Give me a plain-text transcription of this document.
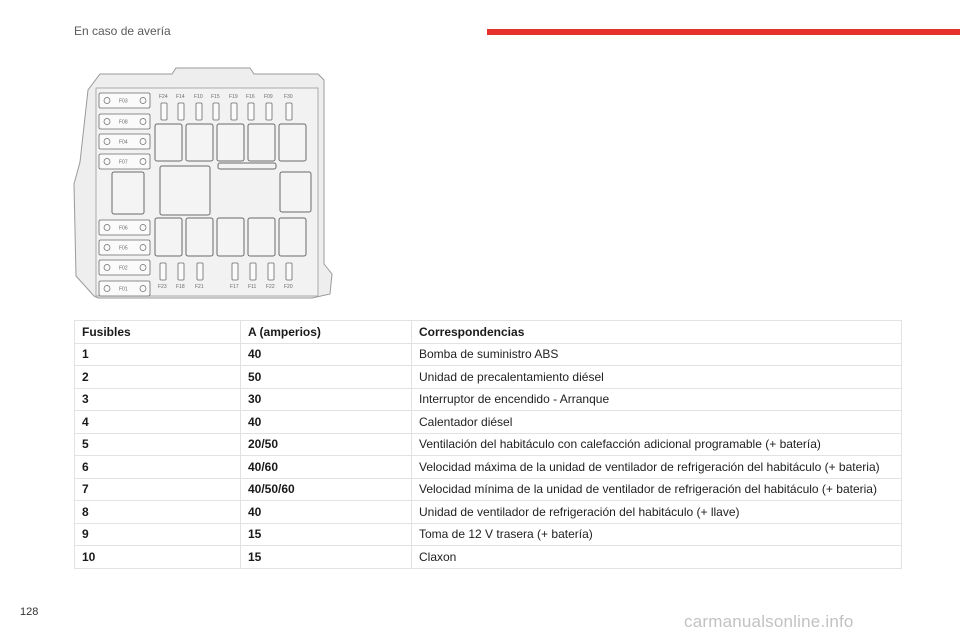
En caso de avería
F03
F08
F04
F07
F06
F05
F02
F01
F24 F14 F10 F15 F19 F16 F09 F30
F23 F18 F21	F17 F11 F22 F20
Fusibles	A (amperios)	Correspondencias
1	40	Bomba de suministro ABS
2	50	Unidad de precalentamiento diésel
3	30	Interruptor de encendido - Arranque
4	40	Calentador diésel
5	20/50	Ventilación del habitáculo con calefacción adicional programable (+ batería)
6	40/60	Velocidad máxima de la unidad de ventilador de refrigeración del habitáculo (+ bateria)
7	40/50/60	Velocidad mínima de la unidad de ventilador de refrigeración del habitáculo (+ bateria)
8	40	Unidad de ventilador de refrigeración del habitáculo (+ llave)
9	15	Toma de 12 V trasera (+ batería)
10	15	Claxon
128	carmanualsonline.info
